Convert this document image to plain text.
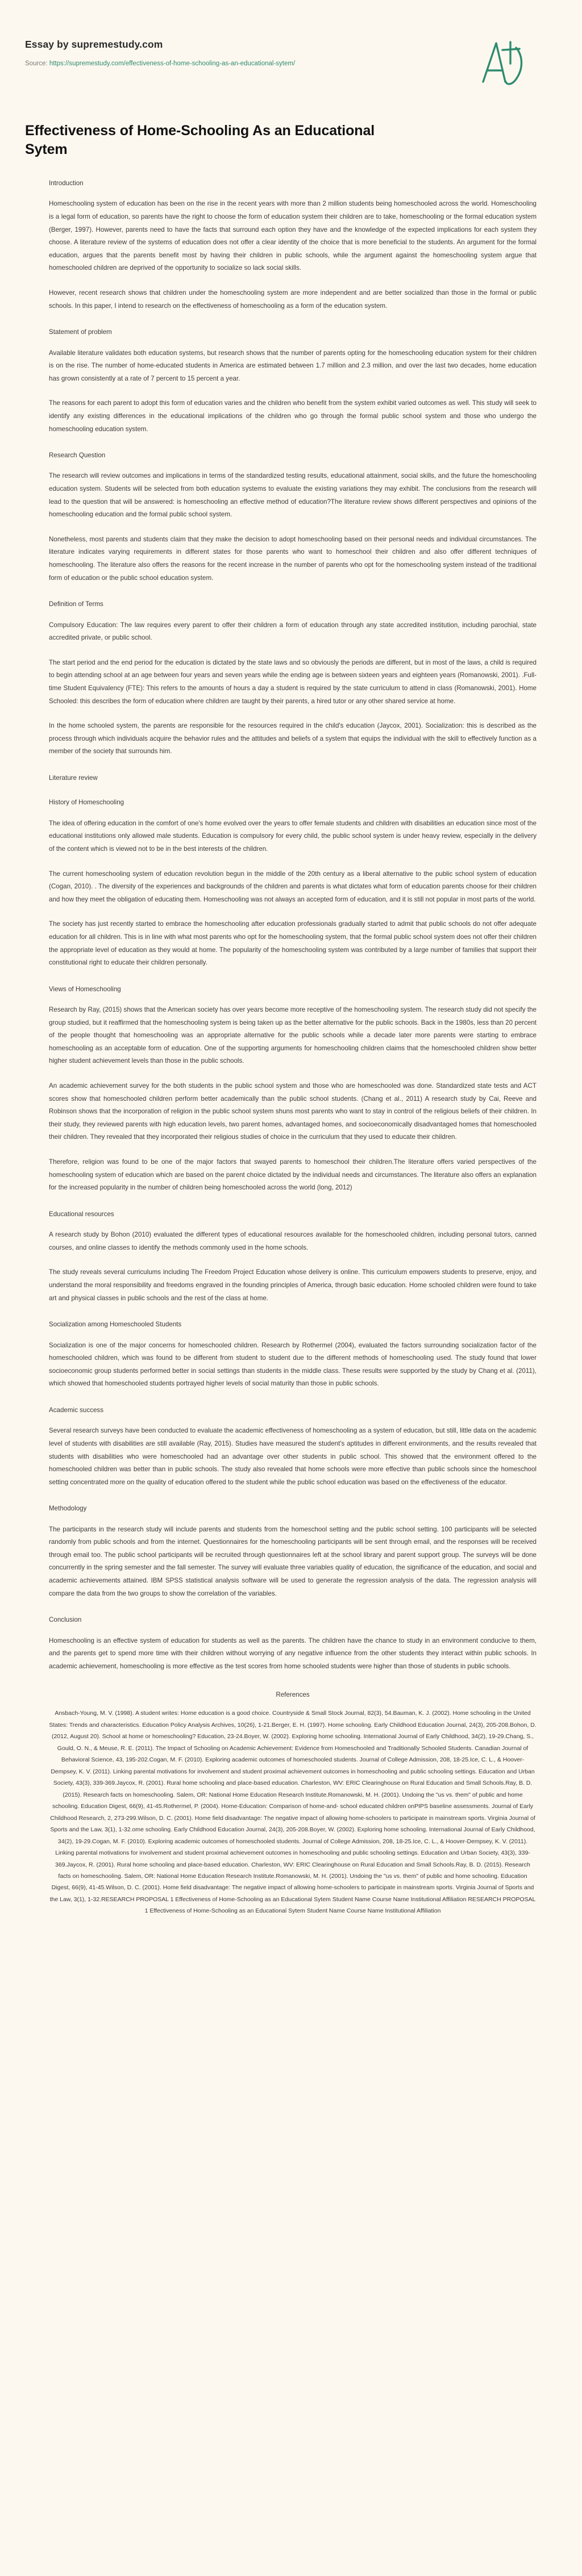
Essay by supremestudy.com
Source: https://supremestudy.com/effectiveness-of-home-schooling-as-an-educational-sytem/
Effectiveness of Home-Schooling As an Educational Sytem
Introduction

Homeschooling system of education has been on the rise in the recent years with more than 2 million students being homeschooled across the world. Homeschooling is a legal form of education, so parents have the right to choose the form of education system their children are to take, homeschooling or the formal education system (Berger, 1997). However, parents need to have the facts that surround each option they have and the knowledge of the expected implications for each system they choose. A literature review of the systems of education does not offer a clear identity of the choice that is more beneficial to the students. An argument for the formal education, argues that the parents benefit most by having their children in public schools, while the argument against the homeschooling system argue that homeschooled children are deprived of the opportunity to socialize so lack social skills.

However, recent research shows that children under the homeschooling system are more independent and are better socialized than those in the formal or public schools. In this paper, I intend to research on the effectiveness of homeschooling as a form of the education system.

Statement of problem

Available literature validates both education systems, but research shows that the number of parents opting for the homeschooling education system for their children is on the rise. The number of home-educated students in America are estimated between 1.7 million and 2.3 million, and over the last two decades, home education has grown consistently at a rate of 7 percent to 15 percent a year.

The reasons for each parent to adopt this form of education varies and the children who benefit from the system exhibit varied outcomes as well. This study will seek to identify any existing differences in the educational implications of the children who go through the formal public school system and those who undergo the homeschooling education system.

Research Question

The research will review outcomes and implications in terms of the standardized testing results, educational attainment, social skills, and the future the homeschooling education system. Students will be selected from both education systems to evaluate the existing variations they may exhibit. The conclusions from the research will lead to the question that will be answered: is homeschooling an effective method of education?The literature review shows different perspectives and opinions of the homeschooling education and the formal public school system.

Nonetheless, most parents and students claim that they make the decision to adopt homeschooling based on their personal needs and individual circumstances. The literature indicates varying requirements in different states for those parents who want to homeschool their children and also offer different techniques of homeschooling. The literature also offers the reasons for the recent increase in the number of parents who opt for the homeschooling system instead of the traditional form of education or the public school education system.

Definition of Terms

Compulsory Education: The law requires every parent to offer their children a form of education through any state accredited institution, including parochial, state accredited private, or public school.

The start period and the end period for the education is dictated by the state laws and so obviously the periods are different, but in most of the laws, a child is required to begin attending school at an age between four years and seven years while the ending age is between sixteen years and eighteen years (Romanowski, 2001). .Full-time Student Equivalency (FTE): This refers to the amounts of hours a day a student is required by the state curriculum to attend in class (Romanowski, 2001). Home Schooled: this describes the form of education where children are taught by their parents, a hired tutor or any other shared service at home.

In the home schooled system, the parents are responsible for the resources required in the child's education (Jaycox, 2001). Socialization: this is described as the process through which individuals acquire the behavior rules and the attitudes and beliefs of a system that equips the individual with the skill to effectively function as a member of the society that surrounds him.

Literature review
History of Homeschooling

The idea of offering education in the comfort of one's home evolved over the years to offer female students and children with disabilities an education since most of the educational institutions only allowed male students. Education is compulsory for every child, the public school system is under heavy review, especially in the delivery of the content which is viewed not to be in the best interests of the children.

The current homeschooling system of education revolution begun in the middle of the 20th century as a liberal alternative to the public school system of education (Cogan, 2010). . The diversity of the experiences and backgrounds of the children and parents is what dictates what form of education parents choose for their children and how they meet the obligation of educating them. Homeschooling was not always an accepted form of education, and it is still not popular in most parts of the world.

The society has just recently started to embrace the homeschooling after education professionals gradually started to admit that public schools do not offer adequate education for all children. This is in line with what most parents who opt for the homeschooling system, that the formal public school system does not offer their children the appropriate level of education as they would at home. The popularity of the homeschooling system was contributed by a large number of families that support their constitutional right to educate their children personally.

Views of Homeschooling

Research by Ray, (2015) shows that the American society has over years become more receptive of the homeschooling system. The research study did not specify the group studied, but it reaffirmed that the homeschooling system is being taken up as the better alternative for the public schools. Back in the 1980s, less than 20 percent of the people thought that homeschooling was an appropriate alternative for the public schools while a decade later more parents were starting to embrace homeschooling as an acceptable form of education. One of the supporting arguments for homeschooling children claims that the homeschooled children show better higher student achievement levels than those in the public schools.

An academic achievement survey for the both students in the public school system and those who are homeschooled was done. Standardized state tests and ACT scores show that homeschooled children perform better academically than the public school students. (Chang et al., 2011) A research study by Cai, Reeve and Robinson shows that the incorporation of religion in the public school system shuns most parents who want to stay in control of the religious beliefs of their children. In their study, they reviewed parents with high education levels, two parent homes, advantaged homes, and socioeconomically disadvantaged homes that homeschooled their children. They revealed that they incorporated their religious studies of choice in the curriculum that they used to educate their children.

Therefore, religion was found to be one of the major factors that swayed parents to homeschool their children.The literature offers varied perspectives of the homeschooling system of education which are based on the parent choice dictated by the individual needs and circumstances. The literature also offers an explanation for the increased popularity in the number of children being homeschooled across the world (long, 2012)

Educational resources

A research study by Bohon (2010) evaluated the different types of educational resources available for the homeschooled children, including personal tutors, canned courses, and online classes to identify the methods commonly used in the home schools.

The study reveals several curriculums including The Freedom Project Education whose delivery is online. This curriculum empowers students to preserve, enjoy, and understand the moral responsibility and freedoms engraved in the founding principles of America, through basic education. Home schooled children were found to take art and physical classes in public schools and the rest of the class at home.

Socialization among Homeschooled Students

Socialization is one of the major concerns for homeschooled children. Research by Rothermel (2004), evaluated the factors surrounding socialization factor of the homeschooled children, which was found to be different from student to student due to the different methods of homeschooling used. The study found that lower socioeconomic group students performed better in social settings than students in the middle class. These results were supported by the study by Chang et al. (2011), which showed that homeschooled students portrayed higher levels of social maturity than those in public schools.

Academic success

Several research surveys have been conducted to evaluate the academic effectiveness of homeschooling as a system of education, but still, little data on the academic level of students with disabilities are still available (Ray, 2015). Studies have measured the student's aptitudes in different environments, and the results revealed that students with disabilities who were homeschooled had an advantage over other students in public school. This showed that the environment offered to the homeschooled children was better than in public schools. The study also revealed that home schools were more effective than public schools since the homeschool setting concentrated more on the quality of education offered to the student while the public school education was based on the effectiveness of the educator.

Methodology

The participants in the research study will include parents and students from the homeschool setting and the public school setting. 100 participants will be selected randomly from public schools and from the internet. Questionnaires for the homeschooling participants will be sent through email, and the responses will be received through email too. The public school participants will be recruited through questionnaires left at the school library and parent support group. The surveys will be done concurrently in the spring semester and the fall semester. The survey will evaluate three variables quality of education, the significance of the education, and social and academic achievements attained. IBM SPSS statistical analysis software will be used to generate the regression analysis of the data. The regression analysis will compare the data from the two groups to show the correlation of the variables.

Conclusion

Homeschooling is an effective system of education for students as well as the parents. The children have the chance to study in an environment conducive to them, and the parents get to spend more time with their children without worrying of any negative influence from the other students they interact within public schools. In academic achievement, homeschooling is more effective as the test scores from home schooled students were higher than those of students in public schools.

References
Ansbach-Young, M. V. (1998). A student writes: Home education is a good choice. Countryside & Small Stock Journal, 82(3), 54.Bauman, K. J. (2002). Home schooling in the United States: Trends and characteristics. Education Policy Analysis Archives, 10(26), 1-21.Berger, E. H. (1997). Home schooling. Early Childhood Education Journal, 24(3), 205-208.Bohon, D. (2012, August 20). School at home or homeschooling? Education, 23-24.Boyer, W. (2002). Exploring home schooling. International Journal of Early Childhood, 34(2), 19-29.Chang, S., Gould, O. N., & Meuse, R. E. (2011). The Impact of Schooling on Academic Achievement: Evidence from Homeschooled and Traditionally Schooled Students. Canadian Journal of Behavioral Science, 43, 195-202.Cogan, M. F. (2010). Exploring academic outcomes of homeschooled students. Journal of College Admission, 208, 18-25.Ice, C. L., & Hoover-Dempsey, K. V. (2011). Linking parental motivations for involvement and student proximal achievement outcomes in homeschooling and public schooling settings. Education and Urban Society, 43(3), 339-369.Jaycox, R. (2001). Rural home schooling and place-based education. Charleston, WV: ERIC Clearinghouse on Rural Education and Small Schools.Ray, B. D. (2015). Research facts on homeschooling. Salem, OR: National Home Education Research Institute.Romanowski, M. H. (2001). Undoing the "us vs. them" of public and home schooling. Education Digest, 66(9), 41-45.Rothermel, P. (2004). Home-Education: Comparison of home-and- school educated children onPIPS baseline assessments. Journal of Early Childhood Research, 2, 273-299.Wilson, D. C. (2001). Home field disadvantage: The negative impact of allowing home-schoolers to participate in mainstream sports. Virginia Journal of Sports and the Law, 3(1), 1-32.ome schooling. Early Childhood Education Journal, 24(3), 205-208.Boyer, W. (2002). Exploring home schooling. International Journal of Early Childhood, 34(2), 19-29.Cogan, M. F. (2010). Exploring academic outcomes of homeschooled students. Journal of College Admission, 208, 18-25.Ice, C. L., & Hoover-Dempsey, K. V. (2011). Linking parental motivations for involvement and student proximal achievement outcomes in homeschooling and public schooling settings. Education and Urban Society, 43(3), 339-369.Jaycox, R. (2001). Rural home schooling and place-based education. Charleston, WV: ERIC Clearinghouse on Rural Education and Small Schools.Ray, B. D. (2015). Research facts on homeschooling. Salem, OR: National Home Education Research Institute.Romanowski, M. H. (2001). Undoing the "us vs. them" of public and home schooling. Education Digest, 66(9), 41-45.Wilson, D. C. (2001). Home field disadvantage: The negative impact of allowing home-schoolers to participate in mainstream sports. Virginia Journal of Sports and the Law, 3(1), 1-32.RESEARCH PROPOSAL 1 Effectiveness of Home-Schooling as an Educational Sytem Student Name Course Name Institutional Affiliation RESEARCH PROPOSAL 1 Effectiveness of Home-Schooling as an Educational Sytem Student Name Course Name Institutional Affiliation
